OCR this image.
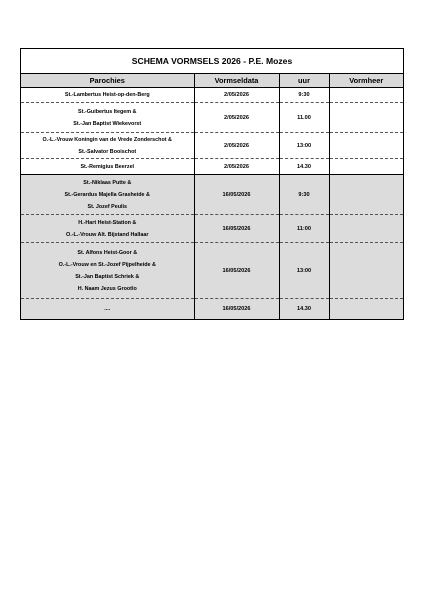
SCHEMA VORMSELS 2026 - P.E. Mozes
Parochies	Vormseldata	uur	Vormheer

St.-Lambertus Heist-op-den-Berg	2/05/2026	9:30	

St.-Guibertus Itegem &
St.-Jan Baptist Wiekevorst	2/05/2026	11.00	

O.-L.-Vrouw Koningin van de Vrede Zonderschot &
St.-Salvator Booischot	2/05/2026	13:00	

St.-Remigius Beerzel	2/05/2026	14.30	

St.-Niklaas Putte &
St.-Gerardus Majella Grasheide &
St. Jozef Peulis	16/05/2026	9:30	

H.-Hart Heist-Station &
O.-L.-Vrouw Alt. Bijstand Hallaar	16/05/2026	11:00	

St. Alfons Heist-Goor &
O.-L.-Vrouw en St.-Jozef Pijpelheide &
St.-Jan Baptist Schriek &
H. Naam Jezus Grootlo	16/05/2026	13:00	

....	16/05/2026	14.30	
